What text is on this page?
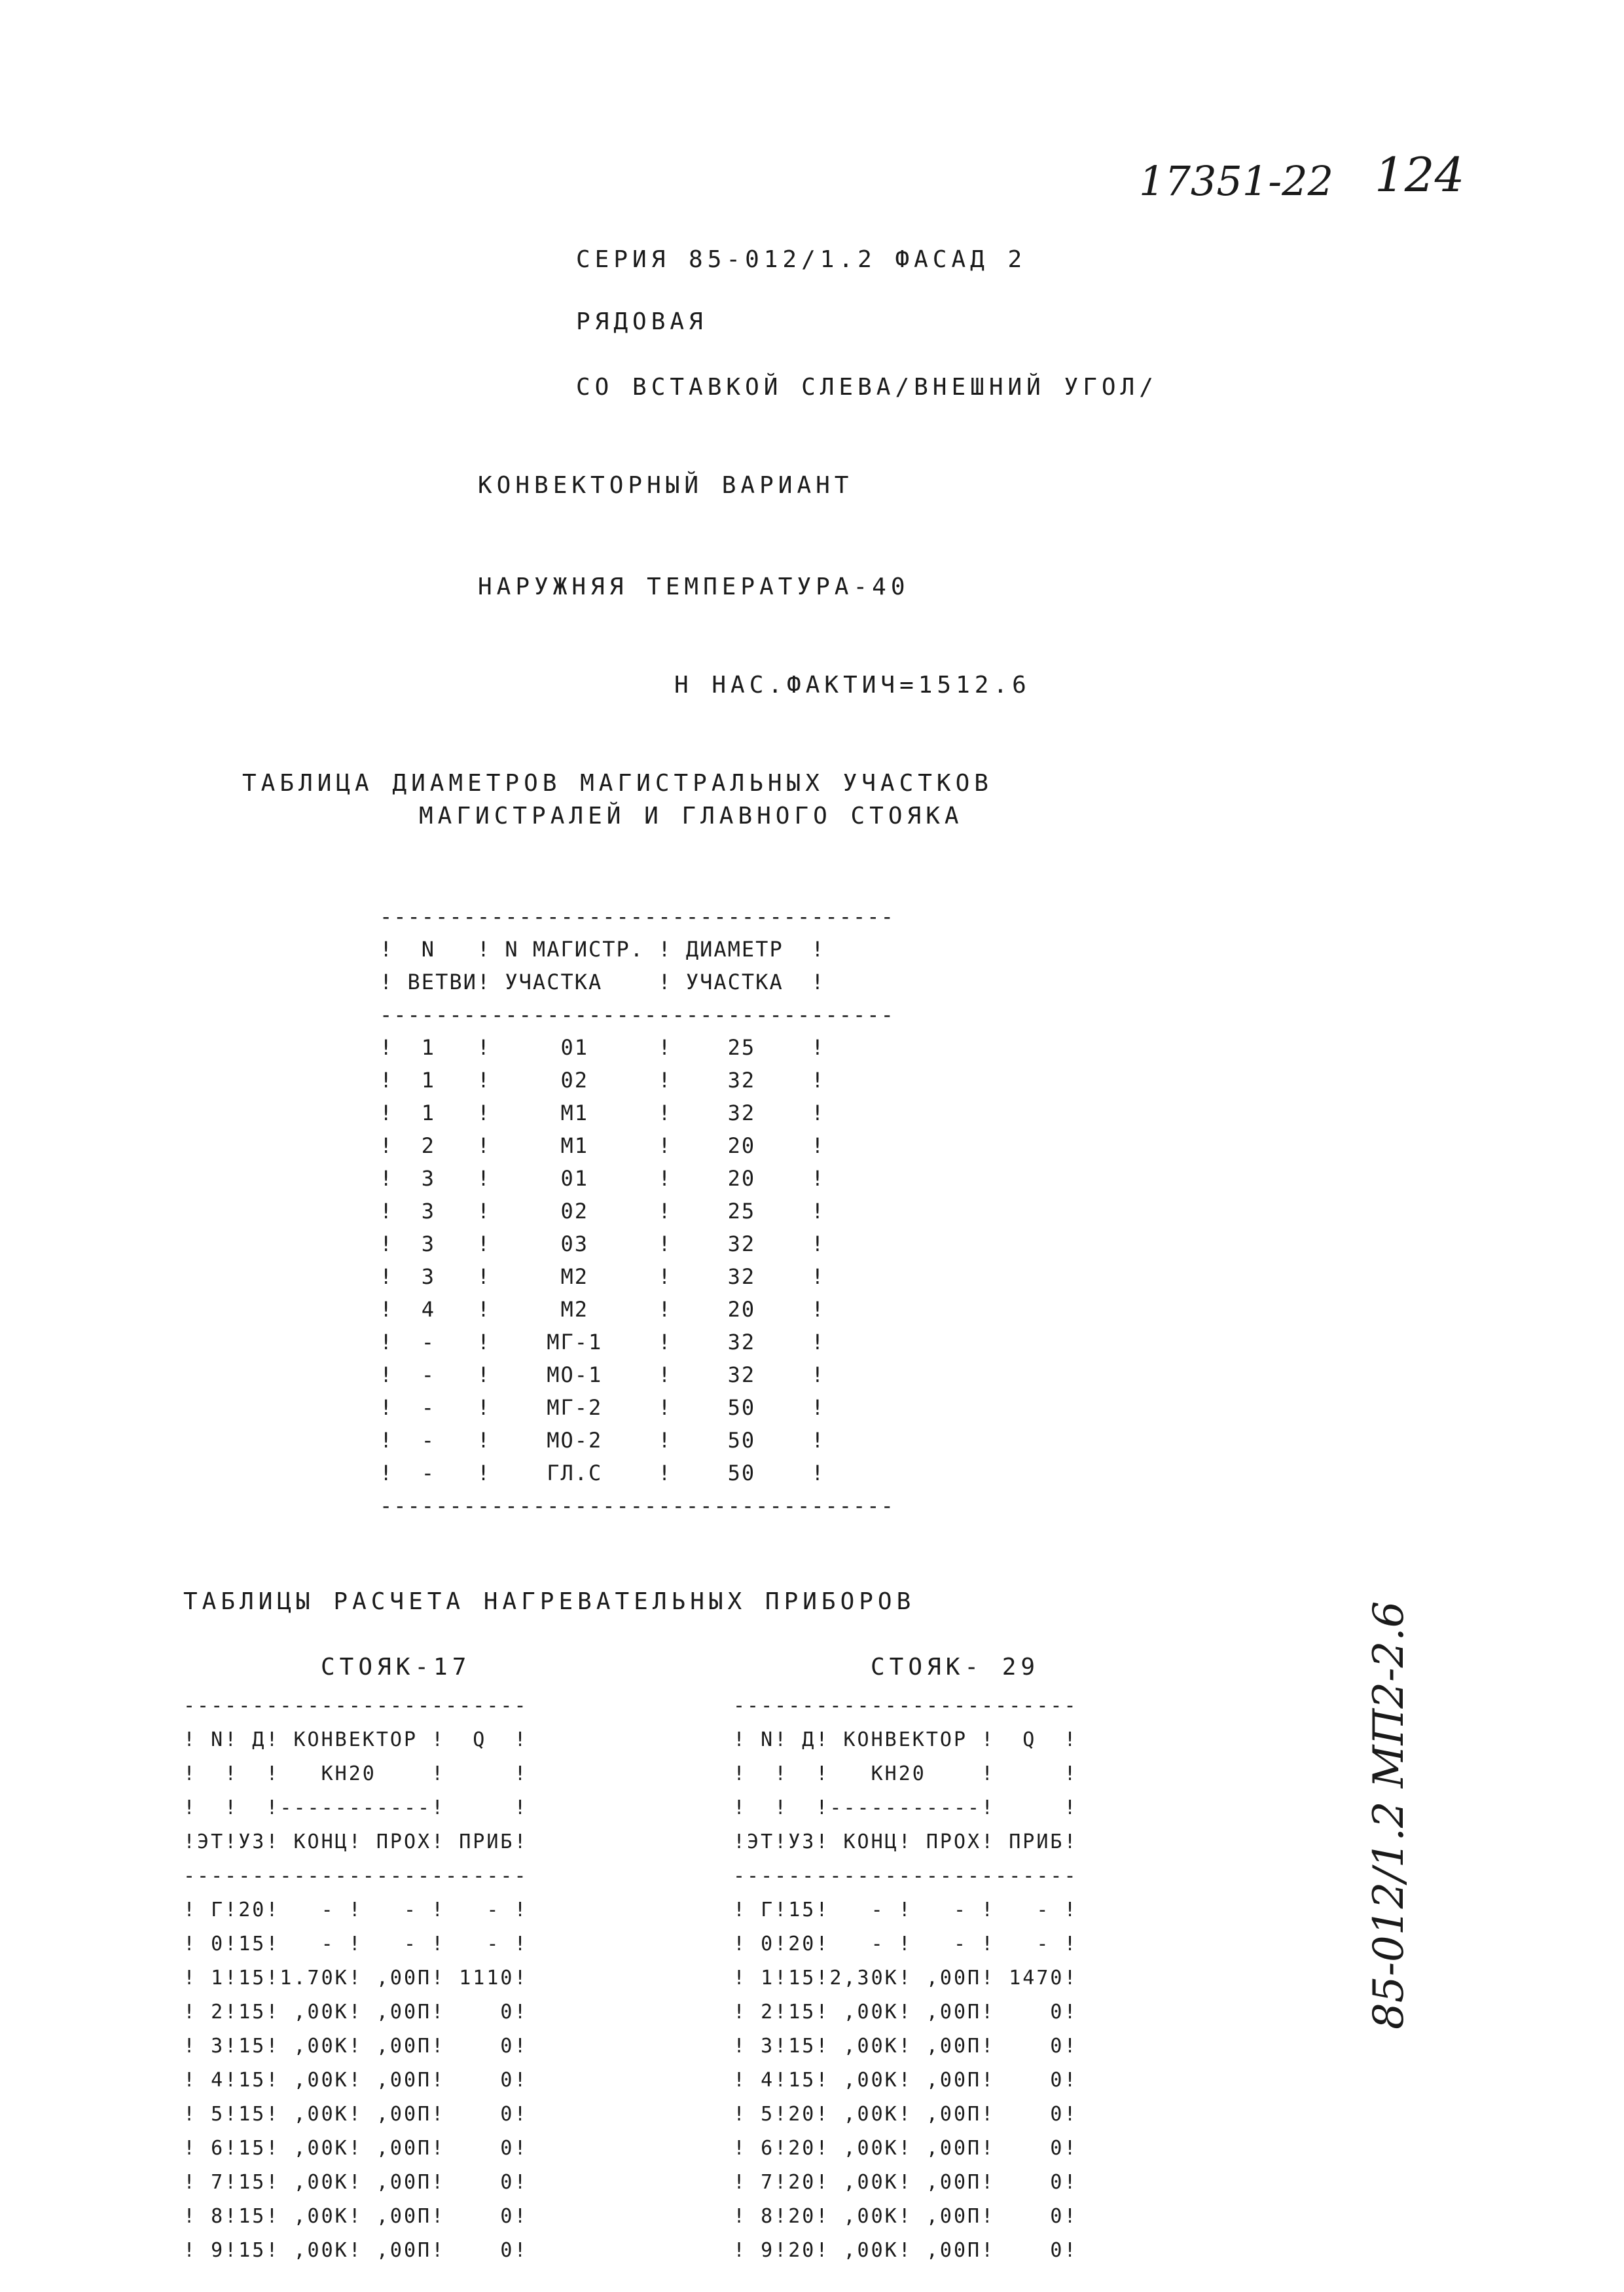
17351-22 124
СЕРИЯ 85-012/1.2 ФАСАД 2
РЯДОВАЯ
СО ВСТАВКОЙ СЛЕВА/ВНЕШНИЙ УГОЛ/
КОНВЕКТОРНЫЙ ВАРИАНТ
НАРУЖНЯЯ ТЕМПЕРАТУРА-40
Н НАС.ФАКТИЧ=1512.6
ТАБЛИЦА ДИАМЕТРОВ МАГИСТРАЛЬНЫХ УЧАСТКОВ
МАГИСТРАЛЕЙ И ГЛАВНОГО СТОЯКА
-------------------------------------
!  N   ! N МАГИСТР. ! ДИАМЕТР  !
! ВЕТВИ! УЧАСТКА    ! УЧАСТКА  !
-------------------------------------
!  1   !     01     !    25    !
!  1   !     02     !    32    !
!  1   !     М1     !    32    !
!  2   !     М1     !    20    !
!  3   !     01     !    20    !
!  3   !     02     !    25    !
!  3   !     03     !    32    !
!  3   !     М2     !    32    !
!  4   !     М2     !    20    !
!  -   !    МГ-1    !    32    !
!  -   !    МО-1    !    32    !
!  -   !    МГ-2    !    50    !
!  -   !    МО-2    !    50    !
!  -   !    ГЛ.С    !    50    !
-------------------------------------
ТАБЛИЦЫ РАСЧЕТА НАГРЕВАТЕЛЬНЫХ ПРИБОРОВ
СТОЯК-17	СТОЯК- 29
-------------------------
! N! Д! КОНВЕКТОР !  Q  !
!  !  !   КН20    !     !
!  !  !-----------!     !
!ЭТ!УЗ! КОНЦ! ПРОХ! ПРИБ!
-------------------------
! Г!20!   - !   - !   - !
! 0!15!   - !   - !   - !
! 1!15!1.70К! ,00П! 1110!
! 2!15! ,00К! ,00П!    0!
! 3!15! ,00К! ,00П!    0!
! 4!15! ,00К! ,00П!    0!
! 5!15! ,00К! ,00П!    0!
! 6!15! ,00К! ,00П!    0!
! 7!15! ,00К! ,00П!    0!
! 8!15! ,00К! ,00П!    0!
! 9!15! ,00К! ,00П!    0!
-------------------------
! N! Д! КОНВЕКТОР !  Q  !
!  !  !   КН20    !     !
!  !  !-----------!     !
!ЭТ!УЗ! КОНЦ! ПРОХ! ПРИБ!
-------------------------
! Г!15!   - !   - !   - !
! 0!20!   - !   - !   - !
! 1!15!2,30К! ,00П! 1470!
! 2!15! ,00К! ,00П!    0!
! 3!15! ,00К! ,00П!    0!
! 4!15! ,00К! ,00П!    0!
! 5!20! ,00К! ,00П!    0!
! 6!20! ,00К! ,00П!    0!
! 7!20! ,00К! ,00П!    0!
! 8!20! ,00К! ,00П!    0!
! 9!20! ,00К! ,00П!    0!
85-012/1.2 МП2-2.6
